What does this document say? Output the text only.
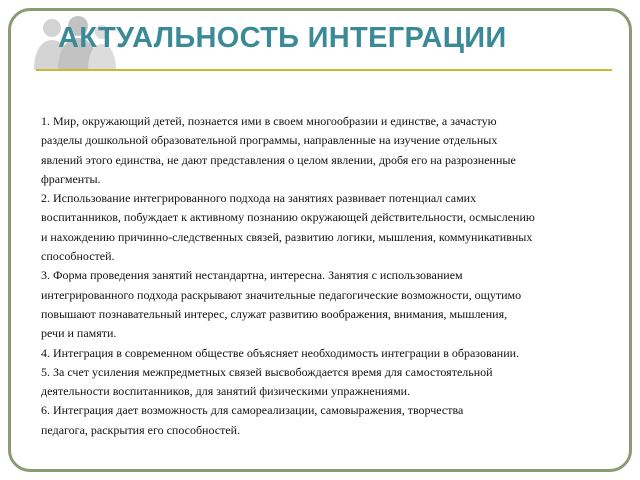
АКТУАЛЬНОСТЬ ИНТЕГРАЦИИ
1. Мир, окружающий детей, познается ими в своем многообразии и единстве, а зачастую
разделы дошкольной образовательной программы, направленные на изучение отдельных
явлений этого единства, не дают представления о целом явлении, дробя его на разрозненные
фрагменты.
2. Использование интегрированного подхода на занятиях развивает потенциал самих
воспитанников, побуждает к активному познанию окружающей действительности, осмыслению
и нахождению причинно-следственных связей, развитию логики, мышления, коммуникативных
способностей.
3. Форма проведения занятий нестандартна, интересна. Занятия с использованием
интегрированного подхода раскрывают значительные педагогические возможности, ощутимо
повышают познавательный интерес, служат развитию воображения, внимания, мышления,
речи и памяти.
4. Интеграция в современном обществе объясняет необходимость интеграции в образовании.
5. За счет усиления межпредметных связей высвобождается время для самостоятельной
деятельности воспитанников, для занятий физическими упражнениями.
6. Интеграция дает возможность для самореализации, самовыражения, творчества
педагога, раскрытия его способностей.
